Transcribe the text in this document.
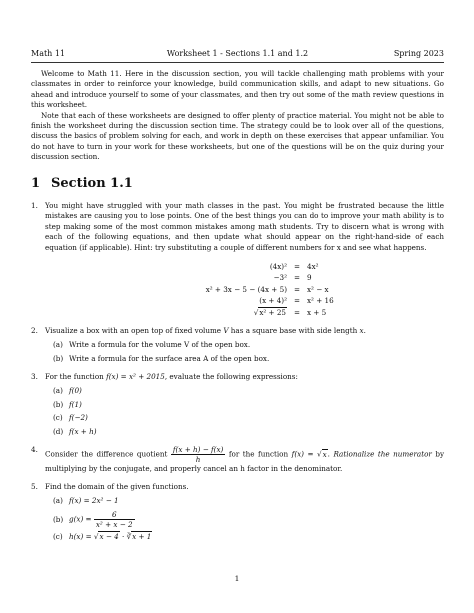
Math 11	Worksheet 1 - Sections 1.1 and 1.2	Spring 2023

Welcome to Math 11. Here in the discussion section, you will tackle challenging math problems with your classmates in order to reinforce your knowledge, build communication skills, and adapt to new situations. Go ahead and introduce yourself to some of your classmates, and then try out some of the math review questions in this worksheet.

Note that each of these worksheets are designed to offer plenty of practice material. You might not be able to finish the worksheet during the discussion section time. The strategy could be to look over all of the questions, discuss the basics of problem solving for each, and work in depth on these exercises that appear unfamiliar. You do not have to turn in your work for these worksheets, but one of the questions will be on the quiz during your discussion section.

1 Section 1.1
1. You might have struggled with your math classes in the past. You might be frustrated because the little mistakes are causing you to lose points. One of the best things you can do to improve your math ability is to step making some of the most common mistakes among math students. Try to discern what is wrong with each of the following equations, and then update what should appear on the right-hand-side of each equation (if applicable). Hint: try substituting a couple of different numbers for x and see what happens.
(4x)² = 4x²
−3² = 9
x² + 3x − 5 − (4x + 5) = x² − x
(x + 4)² = x² + 16
√x² + 25	= x + 5
2. Visualize a box with an open top of fixed volume V has a square base with side length x.
(a) Write a formula for the volume V of the open box.
(b) Write a formula for the surface area A of the open box.
3. For the function f(x) = x² + 2015, evaluate the following expressions:
(a) f(0)
(b) f(1)
(c) f(−2)
(d) f(x + h)
4. Consider the difference quotient $\frac{f(x + h) - f(x)}{h}$ for the function f(x) = √x. Rationalize the numerator by multiplying by the conjugate, and properly cancel an h factor in the denominator.
5. Find the domain of the given functions.
(a) f(x) = 2x² − 1
(b) $g(x) = \frac{6}{\text{x² + x − 2}}$
(c) h(x) = √x − 4 · ∛x + 1
1
